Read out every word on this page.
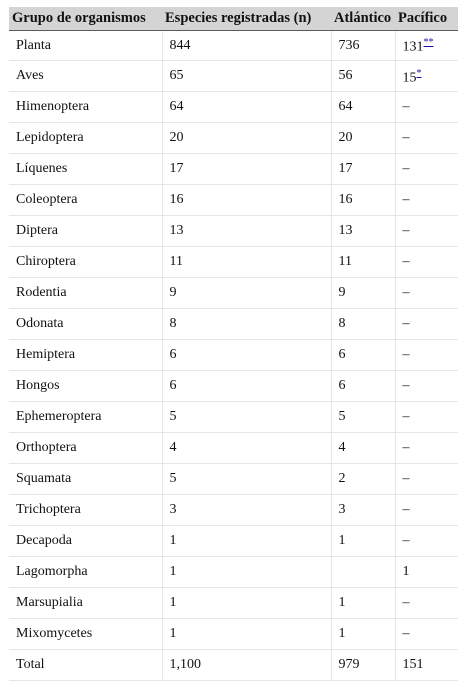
Grupo de organismos	Especies registradas (n)	Atlántico	Pacífico
Planta	844	736	131**
Aves	65	56	15*
Himenoptera	64	64	–
Lepidoptera	20	20	–
Líquenes	17	17	–
Coleoptera	16	16	–
Diptera	13	13	–
Chiroptera	11	11	–
Rodentia	9	9	–
Odonata	8	8	–
Hemiptera	6	6	–
Hongos	6	6	–
Ephemeroptera	5	5	–
Orthoptera	4	4	–
Squamata	5	2	–
Trichoptera	3	3	–
Decapoda	1	1	–
Lagomorpha	1		1
Marsupialia	1	1	–
Mixomycetes	1	1	–
Total	1,100	979	151
